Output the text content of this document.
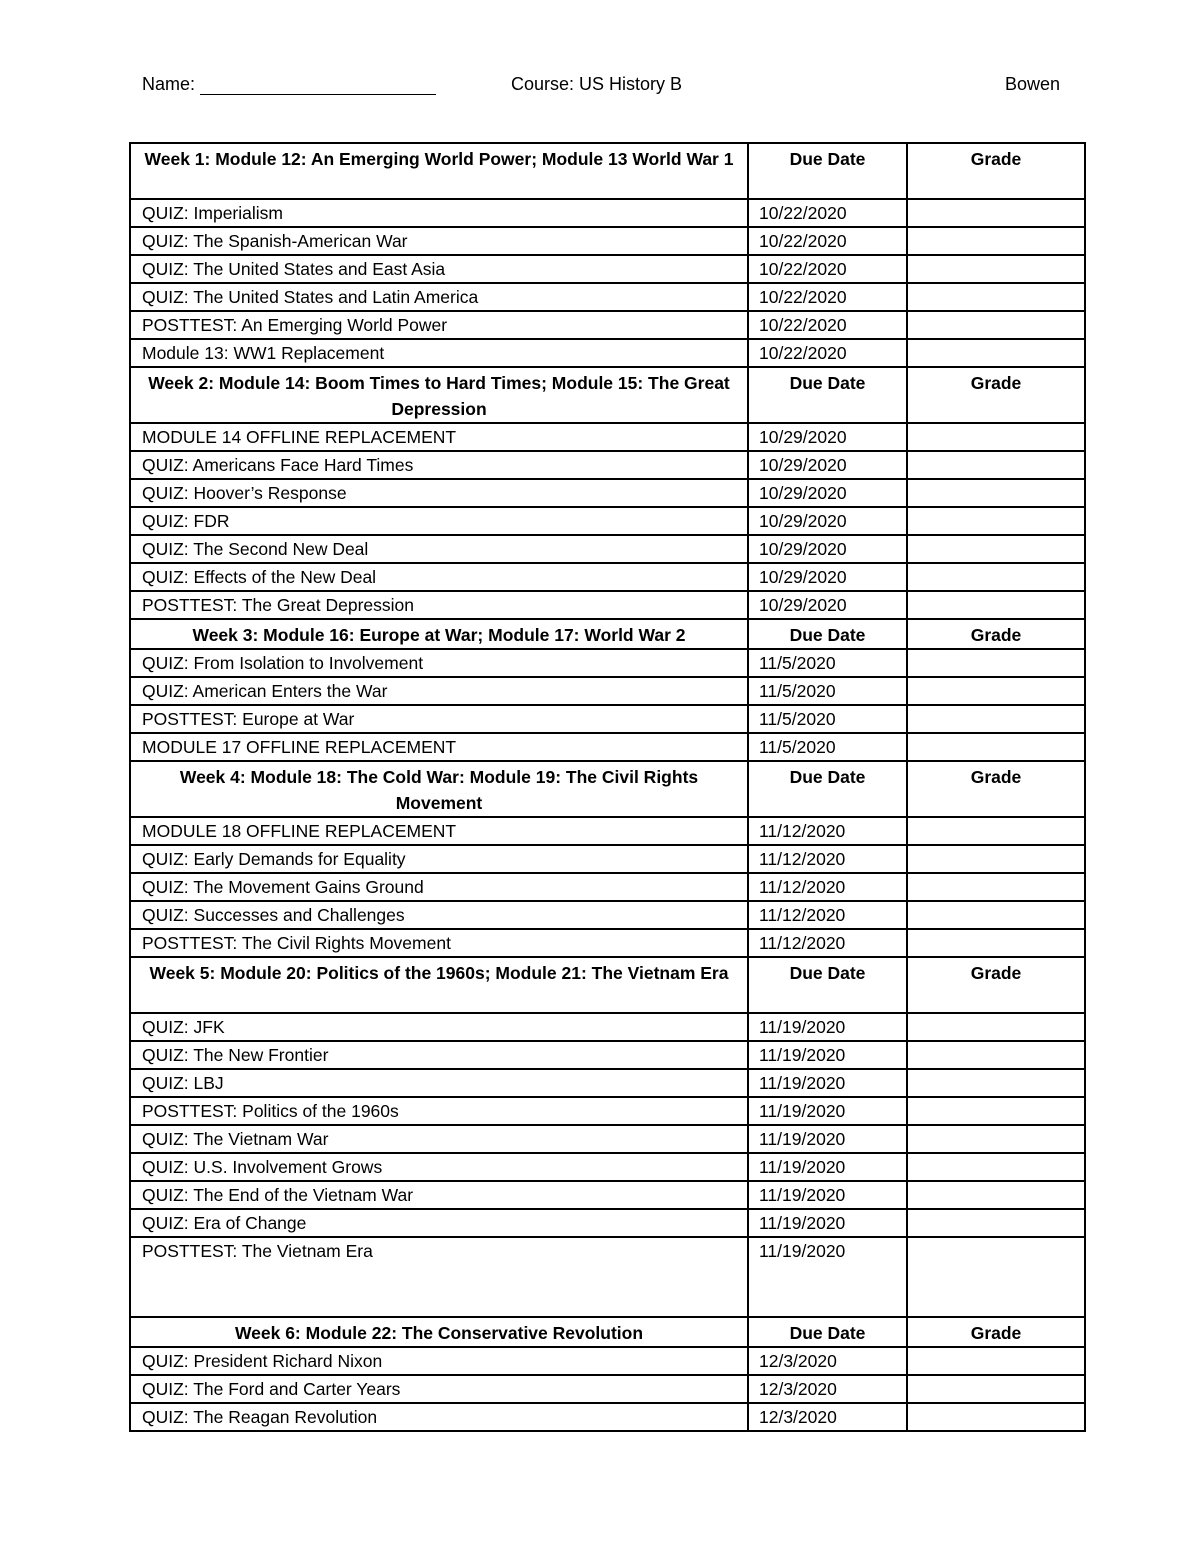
Name:	Course: US History B	Bowen
Week 1: Module 12: An Emerging World Power; Module 13 World War 1	Due Date	Grade
QUIZ: Imperialism	10/22/2020	
QUIZ: The Spanish-American War	10/22/2020	
QUIZ: The United States and East Asia	10/22/2020	
QUIZ: The United States and Latin America	10/22/2020	
POSTTEST: An Emerging World Power	10/22/2020	
Module 13: WW1 Replacement	10/22/2020	
Week 2: Module 14: Boom Times to Hard Times; Module 15: The Great Depression	Due Date	Grade
MODULE 14 OFFLINE REPLACEMENT	10/29/2020	
QUIZ: Americans Face Hard Times	10/29/2020	
QUIZ: Hoover’s Response	10/29/2020	
QUIZ: FDR	10/29/2020	
QUIZ: The Second New Deal	10/29/2020	
QUIZ: Effects of the New Deal	10/29/2020	
POSTTEST: The Great Depression	10/29/2020	
Week 3: Module 16: Europe at War; Module 17: World War 2	Due Date	Grade
QUIZ: From Isolation to Involvement	11/5/2020	
QUIZ: American Enters the War	11/5/2020	
POSTTEST: Europe at War	11/5/2020	
MODULE 17 OFFLINE REPLACEMENT	11/5/2020	
Week 4: Module 18: The Cold War: Module 19: The Civil Rights Movement	Due Date	Grade
MODULE 18 OFFLINE REPLACEMENT	11/12/2020	
QUIZ: Early Demands for Equality	11/12/2020	
QUIZ: The Movement Gains Ground	11/12/2020	
QUIZ: Successes and Challenges	11/12/2020	
POSTTEST: The Civil Rights Movement	11/12/2020	
Week 5: Module 20: Politics of the 1960s; Module 21: The Vietnam Era	Due Date	Grade
QUIZ: JFK	11/19/2020	
QUIZ: The New Frontier	11/19/2020	
QUIZ: LBJ	11/19/2020	
POSTTEST: Politics of the 1960s	11/19/2020	
QUIZ: The Vietnam War	11/19/2020	
QUIZ: U.S. Involvement Grows	11/19/2020	
QUIZ: The End of the Vietnam War	11/19/2020	
QUIZ: Era of Change	11/19/2020	
POSTTEST: The Vietnam Era	11/19/2020	
Week 6: Module 22: The Conservative Revolution	Due Date	Grade
QUIZ: President Richard Nixon	12/3/2020	
QUIZ: The Ford and Carter Years	12/3/2020	
QUIZ: The Reagan Revolution	12/3/2020	
